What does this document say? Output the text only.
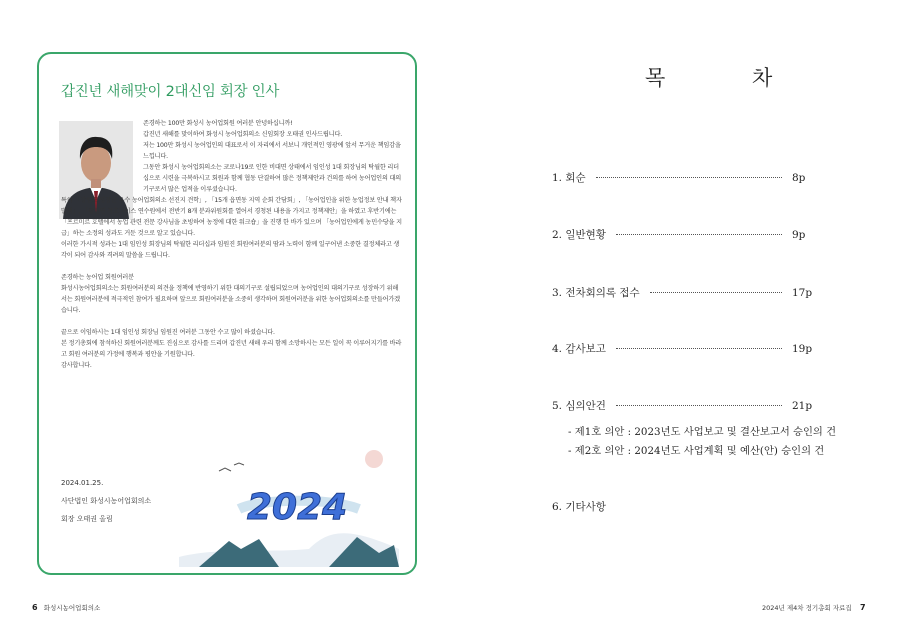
갑진년 새해맞이 2대신임 회장 인사

존경하는 100만 화성시 농어업회원 여러분 안녕하십니까!

갑진년 새해를 맞이하여 화성시 농어업회의소 신임회장 오태권 인사드립니다.

저는 100만 화성시 농어업인의 대표로서 이 자리에서 서보니 개인적인 영광에 앞서 무거운 책임감을 느낍니다.

그동안 화성시 농어업회의소는 코로나19로 인한 비대면 상태에서 임인성 1대 회장님의 탁월한 리더십으로 시련을 극복하시고 회원과 함께 협동 단결하여 많은 정책제안과 건의를 하여 농어업인의 대의기구로서 많은 업적을 이루셨습니다.

특히 「강원도 평창군 우수 농어업회의소 선진지 견학」, 「15개 읍면동 지역 순회 간담회」, 「농어업인을 위한 농업정보 안내 책자 발행」, 「팔탄면 청호나이스 연수원에서 전반기 8개 분과위원회를 열어서 경청된 내용을 가지고 정책제안」을 하였고 후반기에는 「프르미르 호텔에서 농업 관련 전문 강사님을 초빙하여 농정에 대한 워크숍」을 진행 한 바가 있으며 「농어업인에게 농민수당을 지급」하는 소정의 성과도 거둔 것으로 알고 있습니다.

이러한 가시적 성과는 1대 임인성 회장님의 탁월한 리더십과 임원진 회원여러분의 땀과 노력이 함께 일구어낸 소중한 결정체라고 생각이 되어 감사와 격려의 말씀을 드립니다.

존경하는 농어업 회원여러분

화성시농어업회의소는 회원여러분의 의견을 정책에 반영하기 위한 대의기구로 설립되었으며 농어업인의 대의기구로 성장하기 위해서는 회원여러분에 적극적인 참여가 필요하며 앞으로 회원여러분을 소중히 생각하며 회원여러분을 위한 농어업회의소를 만들어가겠습니다.

끝으로 이임하시는 1대 임인성 회장님 임원진 여러분 그동안 수고 많이 하셨습니다.

본 정기총회에 참석하신 회원여러분께도 진심으로 감사를 드리며 갑진년 새해 우리 함께 소망하시는 모든 일이 꼭 이루어지기를 바라고 회원 여러분의 가정에 행복과 평안을 기원합니다.

감사합니다.

2024.01.25.
사단법인 화성시농어업회의소
회장 오태권 올림	2024
목 차
1. 회순	8p
2. 일반현황	9p
3. 전차회의록 접수	17p
4. 감사보고	19p
5. 심의안건	21p
- 제1호 의안 : 2023년도 사업보고 및 결산보고서 승인의 건
- 제2호 의안 : 2024년도 사업계획 및 예산(안) 승인의 건
6. 기타사항
6 화성시농어업회의소	2024년 제4차 정기총회 자료집 7
